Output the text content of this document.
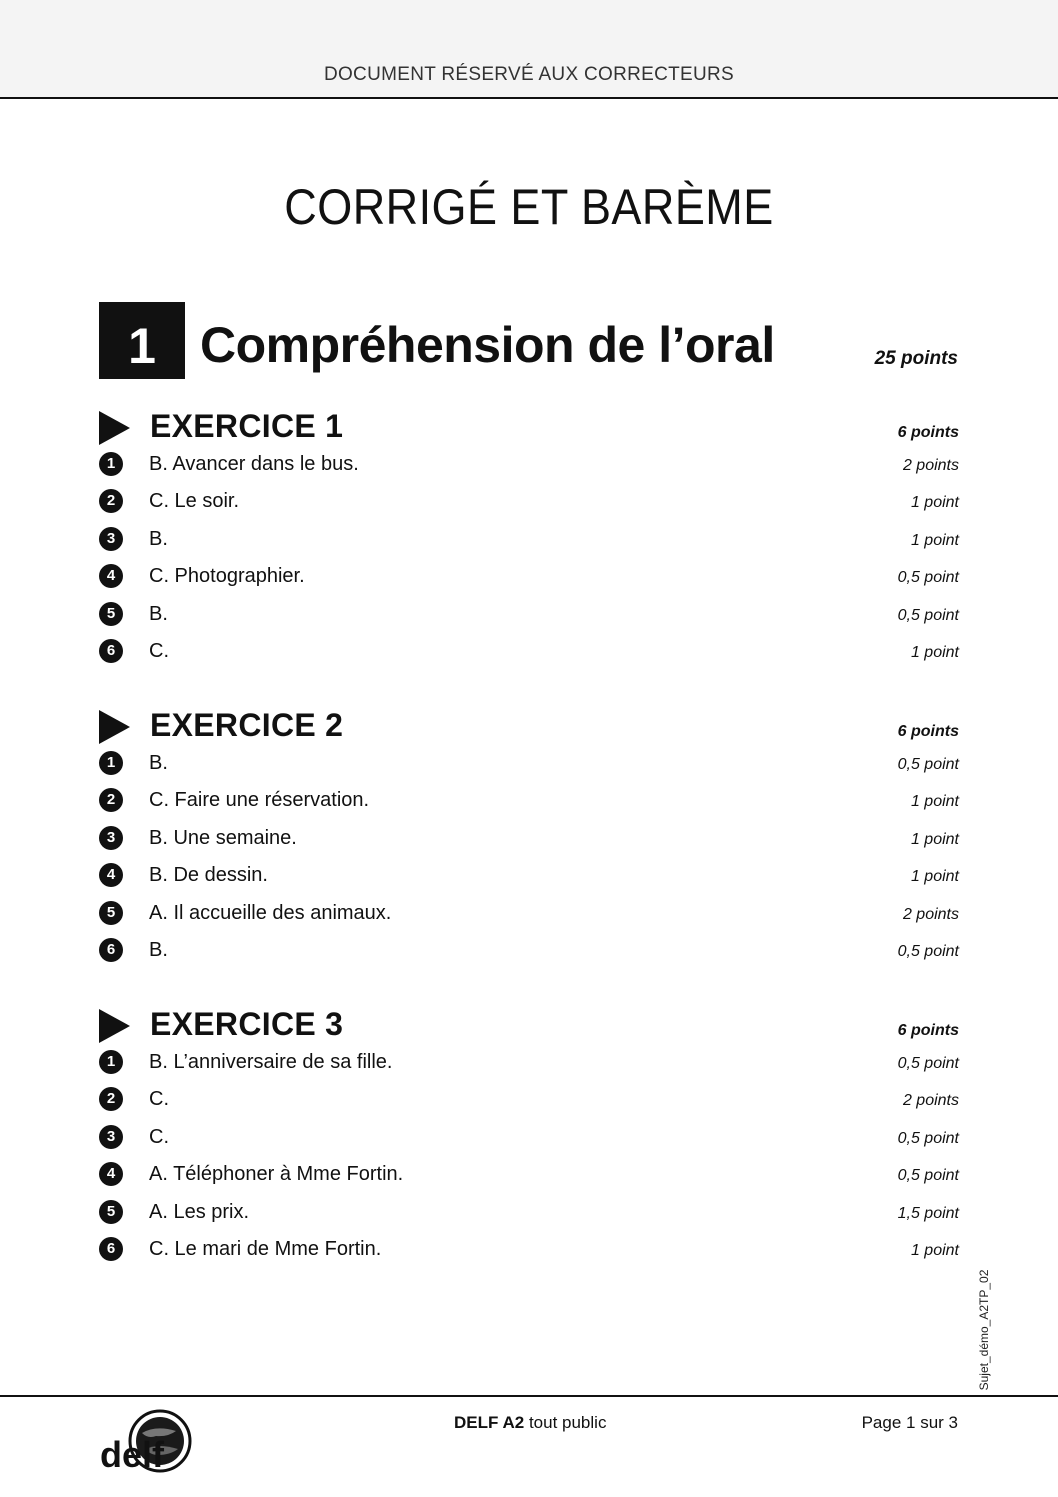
DOCUMENT RÉSERVÉ AUX CORRECTEURS
CORRIGÉ ET BARÈME
1 Compréhension de l’oral	25 points
EXERCICE 1	6 points
1	B. Avancer dans le bus.	2 points
2	C. Le soir.	1 point
3	B.	1 point
4	C. Photographier.	0,5 point
5	B.	0,5 point
6	C.	1 point
EXERCICE 2	6 points
1	B.	0,5 point
2	C. Faire une réservation.	1 point
3	B. Une semaine.	1 point
4	B. De dessin.	1 point
5	A. Il accueille des animaux.	2 points
6	B.	0,5 point
EXERCICE 3	6 points
1	B. L’anniversaire de sa fille.	0,5 point
2	C.	2 points
3	C.	0,5 point
4	A. Téléphoner à Mme Fortin.	0,5 point
5	A. Les prix.	1,5 point
6	C. Le mari de Mme Fortin.	1 point
Sujet_démo_A2TP_02
delf
DELF A2 tout public	Page 1 sur 3
